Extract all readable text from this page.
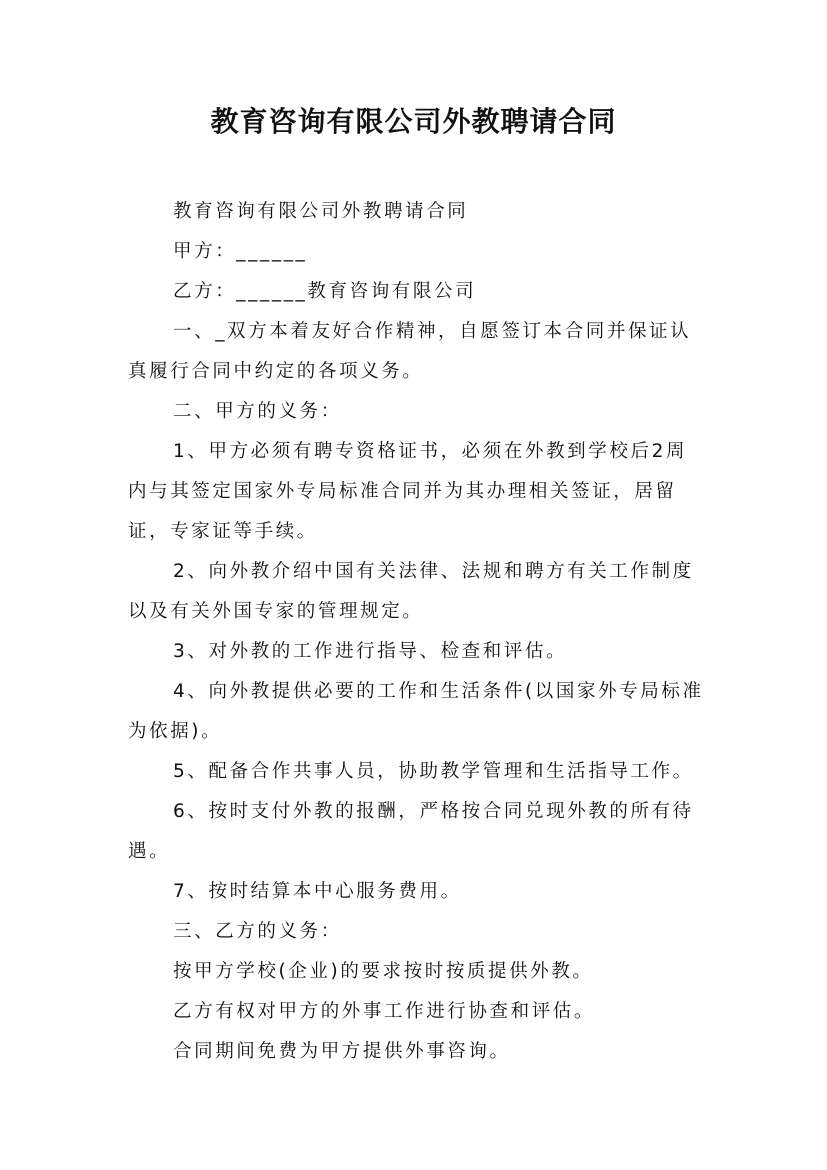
教育咨询有限公司外教聘请合同

教育咨询有限公司外教聘请合同

甲方：______

乙方：______教育咨询有限公司

一、_双方本着友好合作精神，自愿签订本合同并保证认真履行合同中约定的各项义务。

二、甲方的义务：

1、甲方必须有聘专资格证书，必须在外教到学校后2周内与其签定国家外专局标准合同并为其办理相关签证，居留证，专家证等手续。

2、向外教介绍中国有关法律、法规和聘方有关工作制度以及有关外国专家的管理规定。

3、对外教的工作进行指导、检查和评估。

4、向外教提供必要的工作和生活条件(以国家外专局标准为依据)。

5、配备合作共事人员，协助教学管理和生活指导工作。

6、按时支付外教的报酬，严格按合同兑现外教的所有待遇。

7、按时结算本中心服务费用。

三、乙方的义务：

按甲方学校(企业)的要求按时按质提供外教。

乙方有权对甲方的外事工作进行协查和评估。

合同期间免费为甲方提供外事咨询。
